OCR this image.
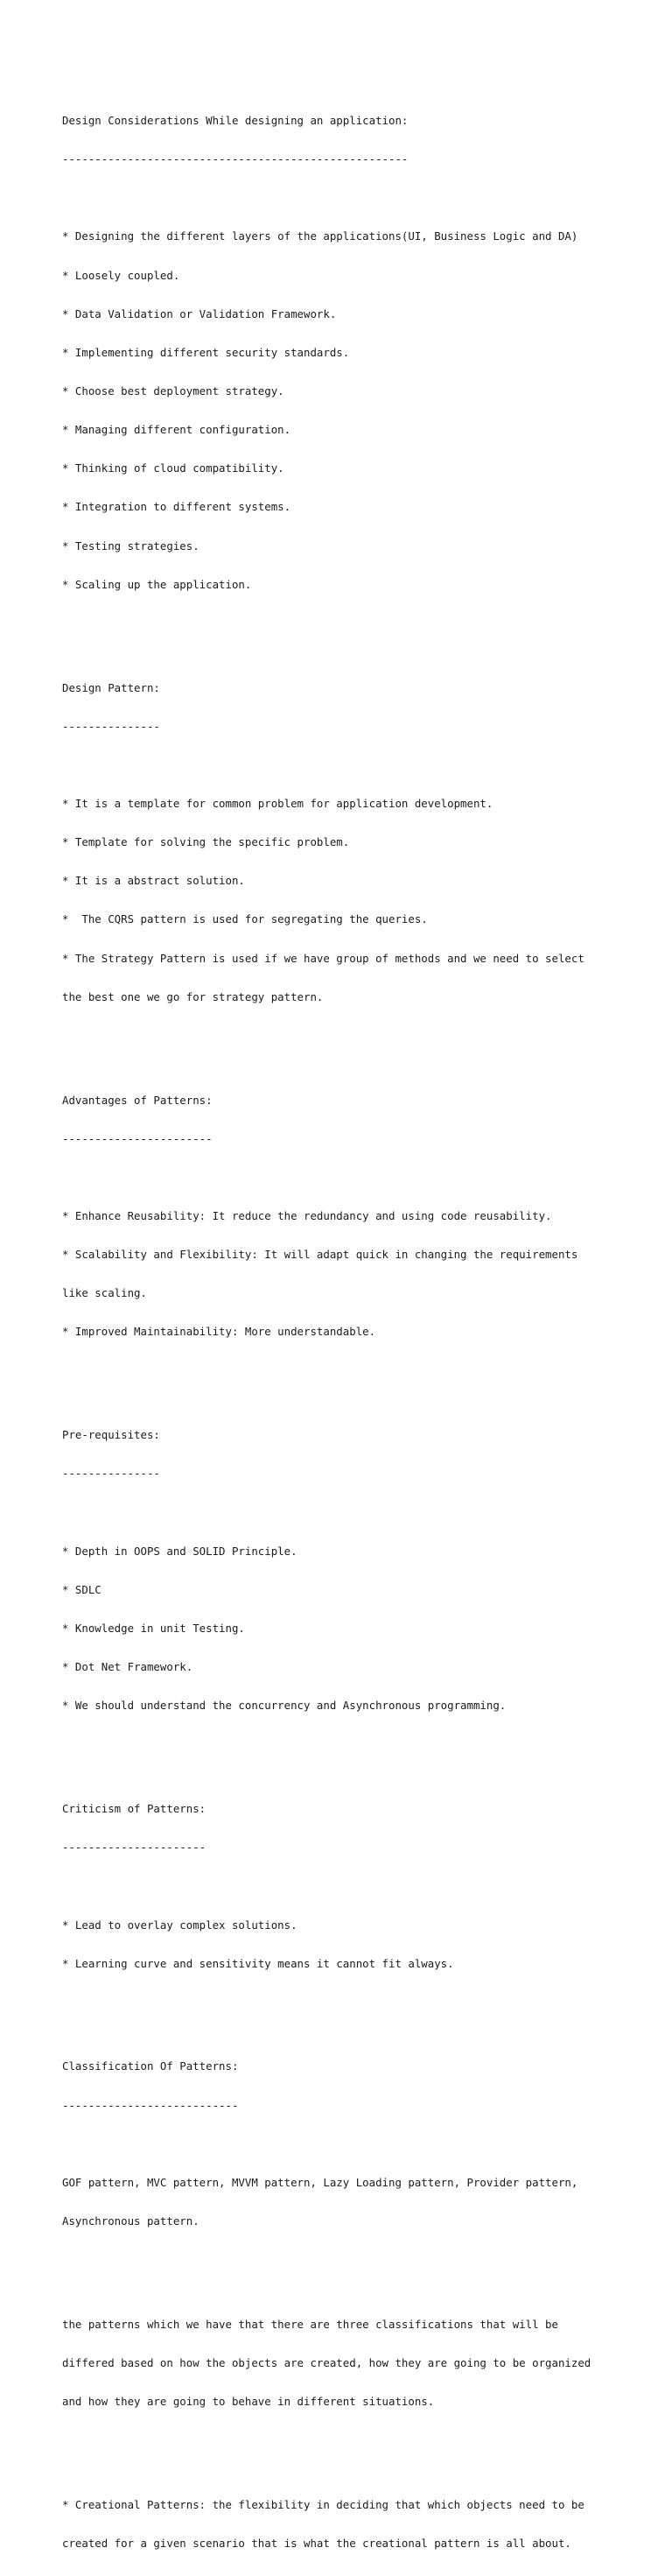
Design Considerations While designing an application:

-----------------------------------------------------

* Designing the different layers of the applications(UI, Business Logic and DA)

* Loosely coupled.

* Data Validation or Validation Framework.

* Implementing different security standards.

* Choose best deployment strategy.

* Managing different configuration.

* Thinking of cloud compatibility.

* Integration to different systems.

* Testing strategies.

* Scaling up the application.

Design Pattern:

---------------

* It is a template for common problem for application development.

* Template for solving the specific problem.

* It is a abstract solution.

*  The CQRS pattern is used for segregating the queries.

* The Strategy Pattern is used if we have group of methods and we need to select

the best one we go for strategy pattern.

Advantages of Patterns:

-----------------------

* Enhance Reusability: It reduce the redundancy and using code reusability.

* Scalability and Flexibility: It will adapt quick in changing the requirements

like scaling.

* Improved Maintainability: More understandable.

Pre-requisites:

---------------

* Depth in OOPS and SOLID Principle.

* SDLC

* Knowledge in unit Testing.

* Dot Net Framework.

* We should understand the concurrency and Asynchronous programming.

Criticism of Patterns:

----------------------

* Lead to overlay complex solutions.

* Learning curve and sensitivity means it cannot fit always.

Classification Of Patterns:

---------------------------

GOF pattern, MVC pattern, MVVM pattern, Lazy Loading pattern, Provider pattern,

Asynchronous pattern.

the patterns which we have that there are three classifications that will be

differed based on how the objects are created, how they are going to be organized

and how they are going to behave in different situations.

* Creational Patterns: the flexibility in deciding that which objects need to be

created for a given scenario that is what the creational pattern is all about.
